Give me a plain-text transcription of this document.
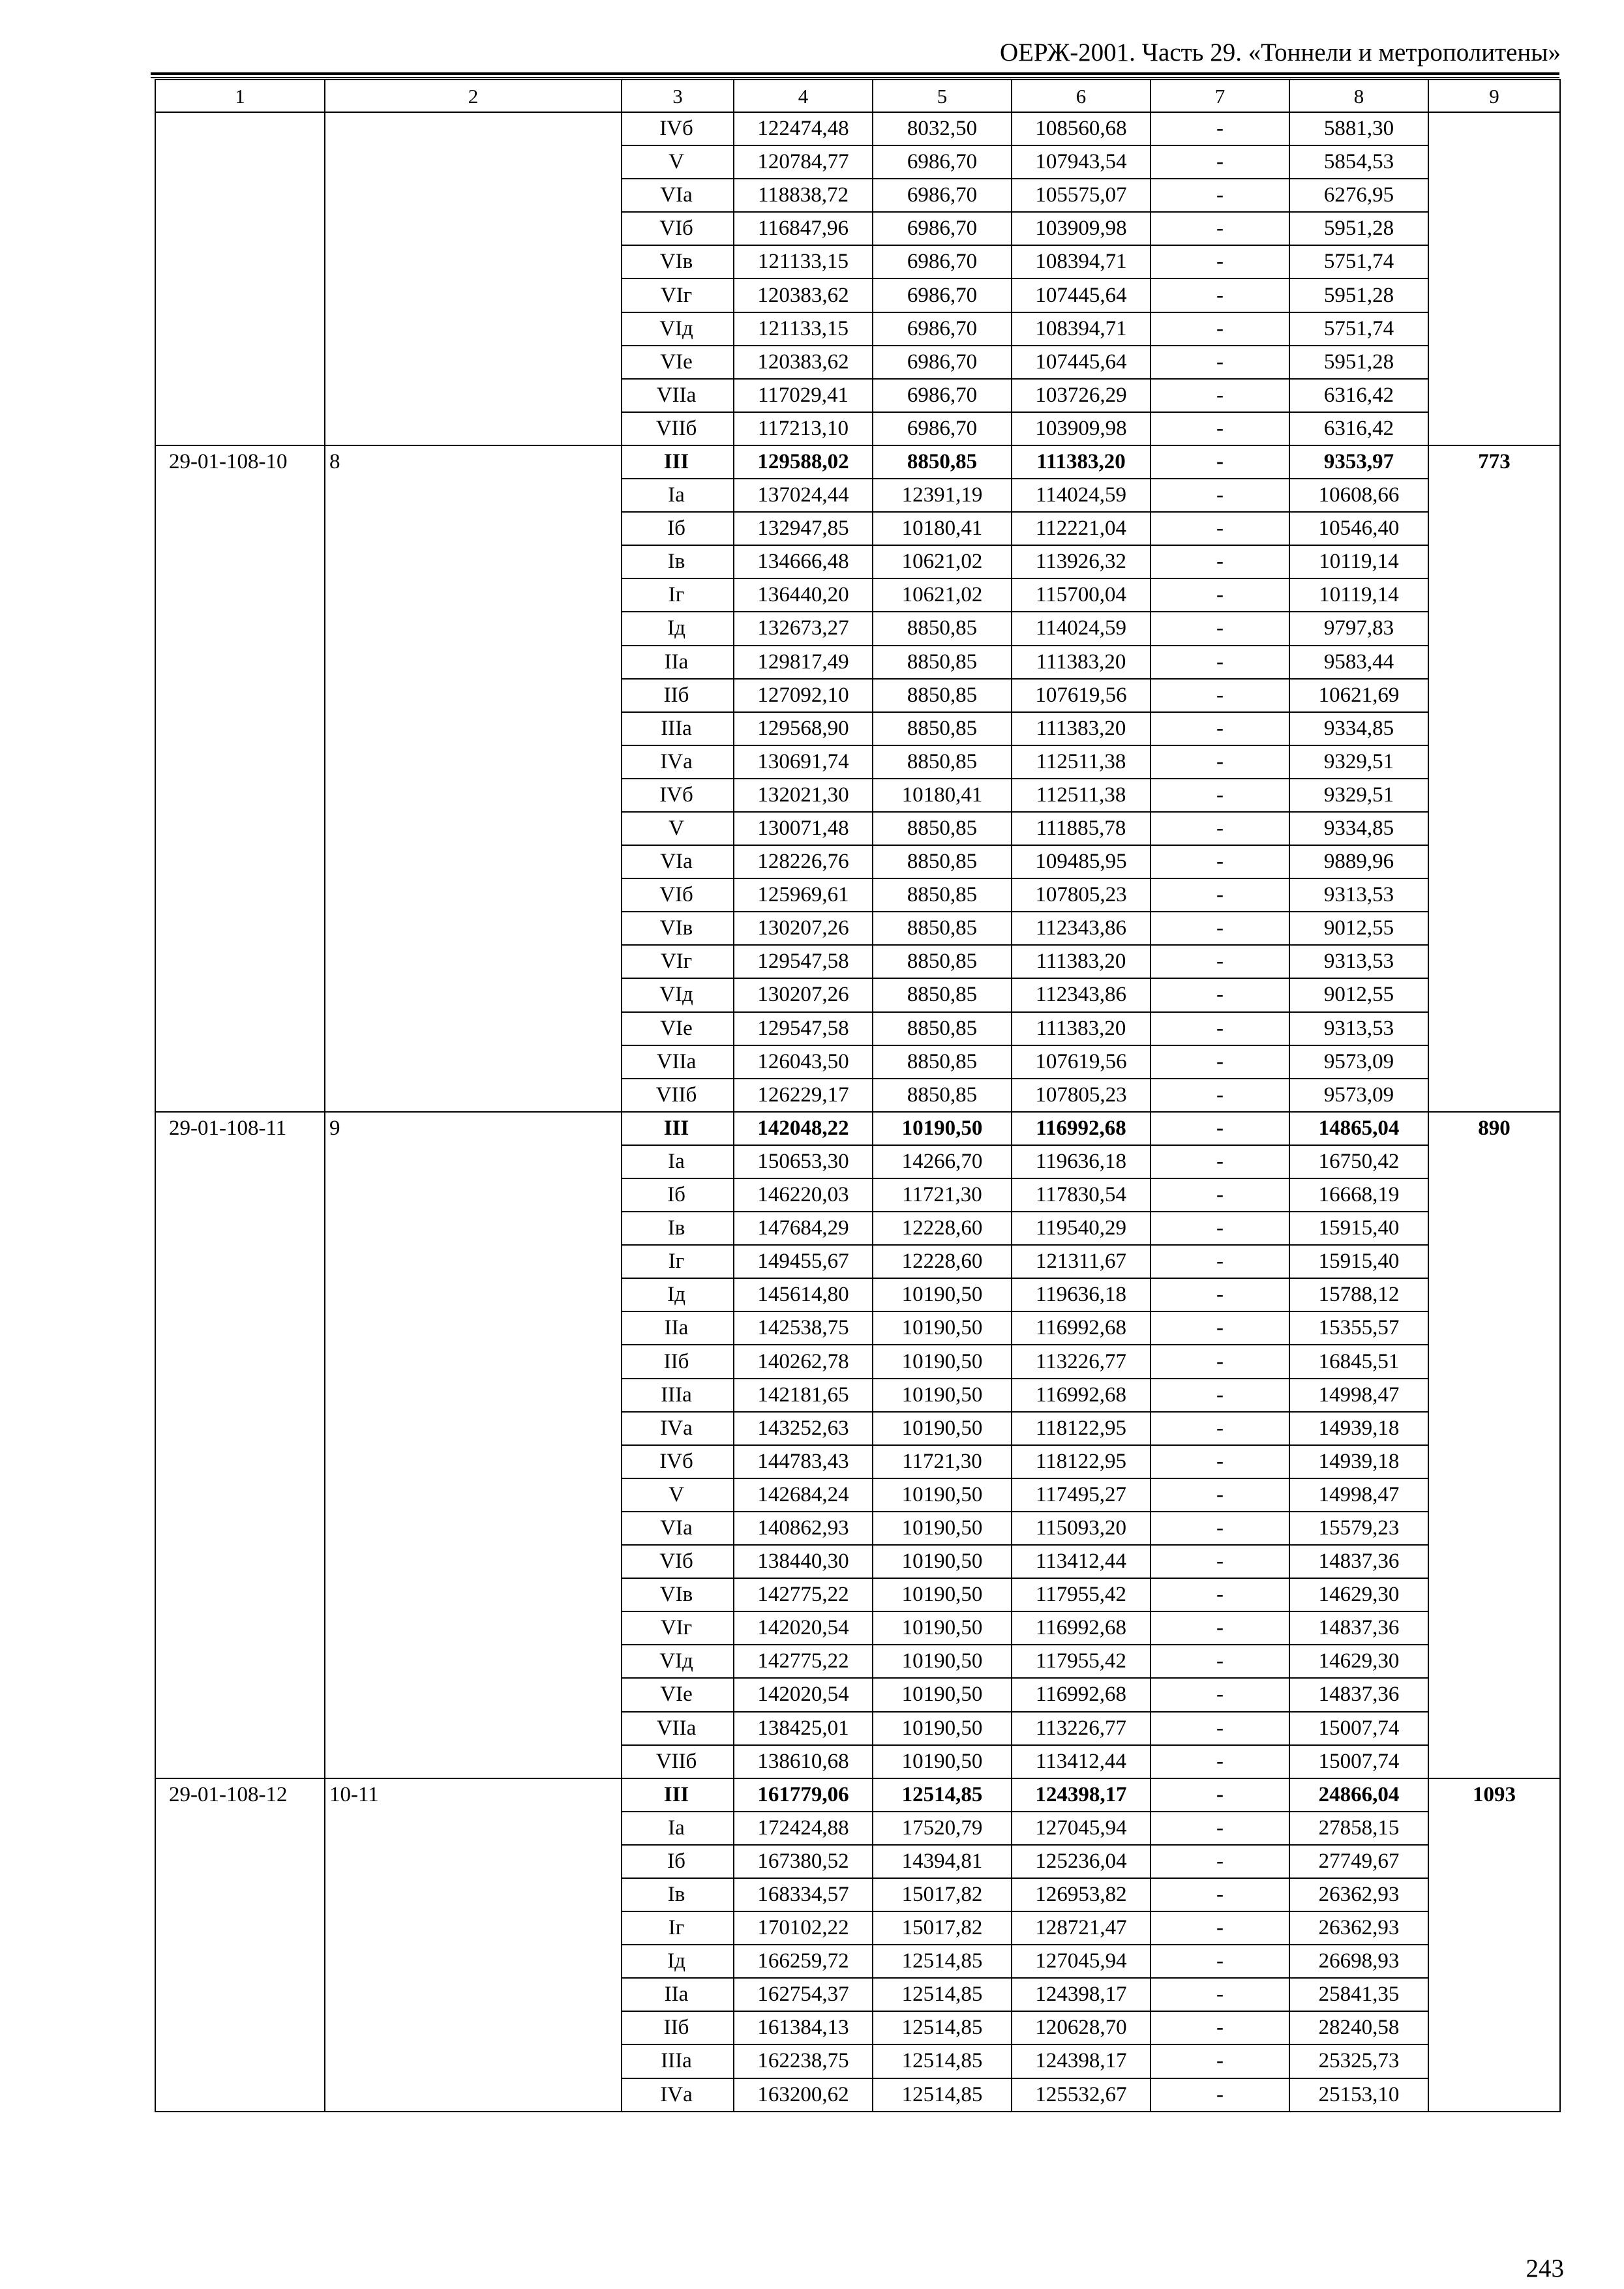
ОЕРЖ-2001. Часть 29. «Тоннели и метрополитены»
1	2	3	4	5	6	7	8	9
		IVб	122474,48	8032,50	108560,68	-	5881,30	
		V	120784,77	6986,70	107943,54	-	5854,53	
		VIа	118838,72	6986,70	105575,07	-	6276,95	
		VIб	116847,96	6986,70	103909,98	-	5951,28	
		VIв	121133,15	6986,70	108394,71	-	5751,74	
		VIг	120383,62	6986,70	107445,64	-	5951,28	
		VIд	121133,15	6986,70	108394,71	-	5751,74	
		VIе	120383,62	6986,70	107445,64	-	5951,28	
		VIIа	117029,41	6986,70	103726,29	-	6316,42	
		VIIб	117213,10	6986,70	103909,98	-	6316,42	
29-01-108-10	8	III	129588,02	8850,85	111383,20	-	9353,97	773
		Iа	137024,44	12391,19	114024,59	-	10608,66	
		Iб	132947,85	10180,41	112221,04	-	10546,40	
		Iв	134666,48	10621,02	113926,32	-	10119,14	
		Iг	136440,20	10621,02	115700,04	-	10119,14	
		Iд	132673,27	8850,85	114024,59	-	9797,83	
		IIа	129817,49	8850,85	111383,20	-	9583,44	
		IIб	127092,10	8850,85	107619,56	-	10621,69	
		IIIа	129568,90	8850,85	111383,20	-	9334,85	
		IVа	130691,74	8850,85	112511,38	-	9329,51	
		IVб	132021,30	10180,41	112511,38	-	9329,51	
		V	130071,48	8850,85	111885,78	-	9334,85	
		VIа	128226,76	8850,85	109485,95	-	9889,96	
		VIб	125969,61	8850,85	107805,23	-	9313,53	
		VIв	130207,26	8850,85	112343,86	-	9012,55	
		VIг	129547,58	8850,85	111383,20	-	9313,53	
		VIд	130207,26	8850,85	112343,86	-	9012,55	
		VIе	129547,58	8850,85	111383,20	-	9313,53	
		VIIа	126043,50	8850,85	107619,56	-	9573,09	
		VIIб	126229,17	8850,85	107805,23	-	9573,09	
29-01-108-11	9	III	142048,22	10190,50	116992,68	-	14865,04	890
		Iа	150653,30	14266,70	119636,18	-	16750,42	
		Iб	146220,03	11721,30	117830,54	-	16668,19	
		Iв	147684,29	12228,60	119540,29	-	15915,40	
		Iг	149455,67	12228,60	121311,67	-	15915,40	
		Iд	145614,80	10190,50	119636,18	-	15788,12	
		IIа	142538,75	10190,50	116992,68	-	15355,57	
		IIб	140262,78	10190,50	113226,77	-	16845,51	
		IIIа	142181,65	10190,50	116992,68	-	14998,47	
		IVа	143252,63	10190,50	118122,95	-	14939,18	
		IVб	144783,43	11721,30	118122,95	-	14939,18	
		V	142684,24	10190,50	117495,27	-	14998,47	
		VIа	140862,93	10190,50	115093,20	-	15579,23	
		VIб	138440,30	10190,50	113412,44	-	14837,36	
		VIв	142775,22	10190,50	117955,42	-	14629,30	
		VIг	142020,54	10190,50	116992,68	-	14837,36	
		VIд	142775,22	10190,50	117955,42	-	14629,30	
		VIе	142020,54	10190,50	116992,68	-	14837,36	
		VIIа	138425,01	10190,50	113226,77	-	15007,74	
		VIIб	138610,68	10190,50	113412,44	-	15007,74	
29-01-108-12	10-11	III	161779,06	12514,85	124398,17	-	24866,04	1093
		Iа	172424,88	17520,79	127045,94	-	27858,15	
		Iб	167380,52	14394,81	125236,04	-	27749,67	
		Iв	168334,57	15017,82	126953,82	-	26362,93	
		Iг	170102,22	15017,82	128721,47	-	26362,93	
		Iд	166259,72	12514,85	127045,94	-	26698,93	
		IIа	162754,37	12514,85	124398,17	-	25841,35	
		IIб	161384,13	12514,85	120628,70	-	28240,58	
		IIIа	162238,75	12514,85	124398,17	-	25325,73	
		IVа	163200,62	12514,85	125532,67	-	25153,10	
243
